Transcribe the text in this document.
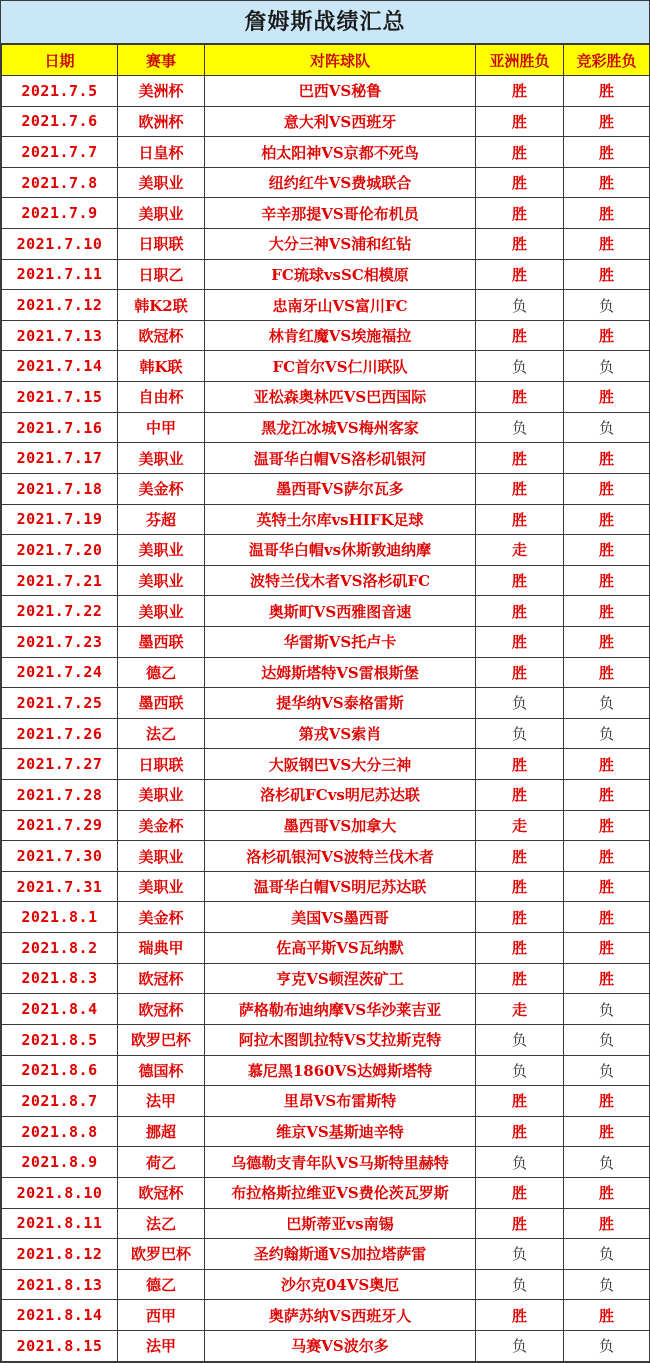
詹姆斯战绩汇总
日期	赛事	对阵球队	亚洲胜负	竞彩胜负
2021.7.5	美洲杯	巴西VS秘鲁	胜	胜
2021.7.6	欧洲杯	意大利VS西班牙	胜	胜
2021.7.7	日皇杯	柏太阳神VS京都不死鸟	胜	胜
2021.7.8	美职业	纽约红牛VS费城联合	胜	胜
2021.7.9	美职业	辛辛那提VS哥伦布机员	胜	胜
2021.7.10	日职联	大分三神VS浦和红钻	胜	胜
2021.7.11	日职乙	FC琉球vsSC相模原	胜	胜
2021.7.12	韩K2联	忠南牙山VS富川FC	负	负
2021.7.13	欧冠杯	林肯红魔VS埃施福拉	胜	胜
2021.7.14	韩K联	FC首尔VS仁川联队	负	负
2021.7.15	自由杯	亚松森奥林匹VS巴西国际	胜	胜
2021.7.16	中甲	黑龙江冰城VS梅州客家	负	负
2021.7.17	美职业	温哥华白帽VS洛杉矶银河	胜	胜
2021.7.18	美金杯	墨西哥VS萨尔瓦多	胜	胜
2021.7.19	芬超	英特土尔库vsHIFK足球	胜	胜
2021.7.20	美职业	温哥华白帽vs休斯敦迪纳摩	走	胜
2021.7.21	美职业	波特兰伐木者VS洛杉矶FC	胜	胜
2021.7.22	美职业	奥斯町VS西雅图音速	胜	胜
2021.7.23	墨西联	华雷斯VS托卢卡	胜	胜
2021.7.24	德乙	达姆斯塔特VS雷根斯堡	胜	胜
2021.7.25	墨西联	提华纳VS泰格雷斯	负	负
2021.7.26	法乙	第戎VS索肖	负	负
2021.7.27	日职联	大阪钢巴VS大分三神	胜	胜
2021.7.28	美职业	洛杉矶FCvs明尼苏达联	胜	胜
2021.7.29	美金杯	墨西哥VS加拿大	走	胜
2021.7.30	美职业	洛杉矶银河VS波特兰伐木者	胜	胜
2021.7.31	美职业	温哥华白帽VS明尼苏达联	胜	胜
2021.8.1	美金杯	美国VS墨西哥	胜	胜
2021.8.2	瑞典甲	佐高平斯VS瓦纳默	胜	胜
2021.8.3	欧冠杯	亨克VS顿涅茨矿工	胜	胜
2021.8.4	欧冠杯	萨格勒布迪纳摩VS华沙莱吉亚	走	负
2021.8.5	欧罗巴杯	阿拉木图凯拉特VS艾拉斯克特	负	负
2021.8.6	德国杯	慕尼黑1860VS达姆斯塔特	负	负
2021.8.7	法甲	里昂VS布雷斯特	胜	胜
2021.8.8	挪超	维京VS基斯迪辛特	胜	胜
2021.8.9	荷乙	乌德勒支青年队VS马斯特里赫特	负	负
2021.8.10	欧冠杯	布拉格斯拉维亚VS费伦茨瓦罗斯	胜	胜
2021.8.11	法乙	巴斯蒂亚vs南锡	胜	胜
2021.8.12	欧罗巴杯	圣约翰斯通VS加拉塔萨雷	负	负
2021.8.13	德乙	沙尔克04VS奥厄	负	负
2021.8.14	西甲	奥萨苏纳VS西班牙人	胜	胜
2021.8.15	法甲	马赛VS波尔多	负	负
